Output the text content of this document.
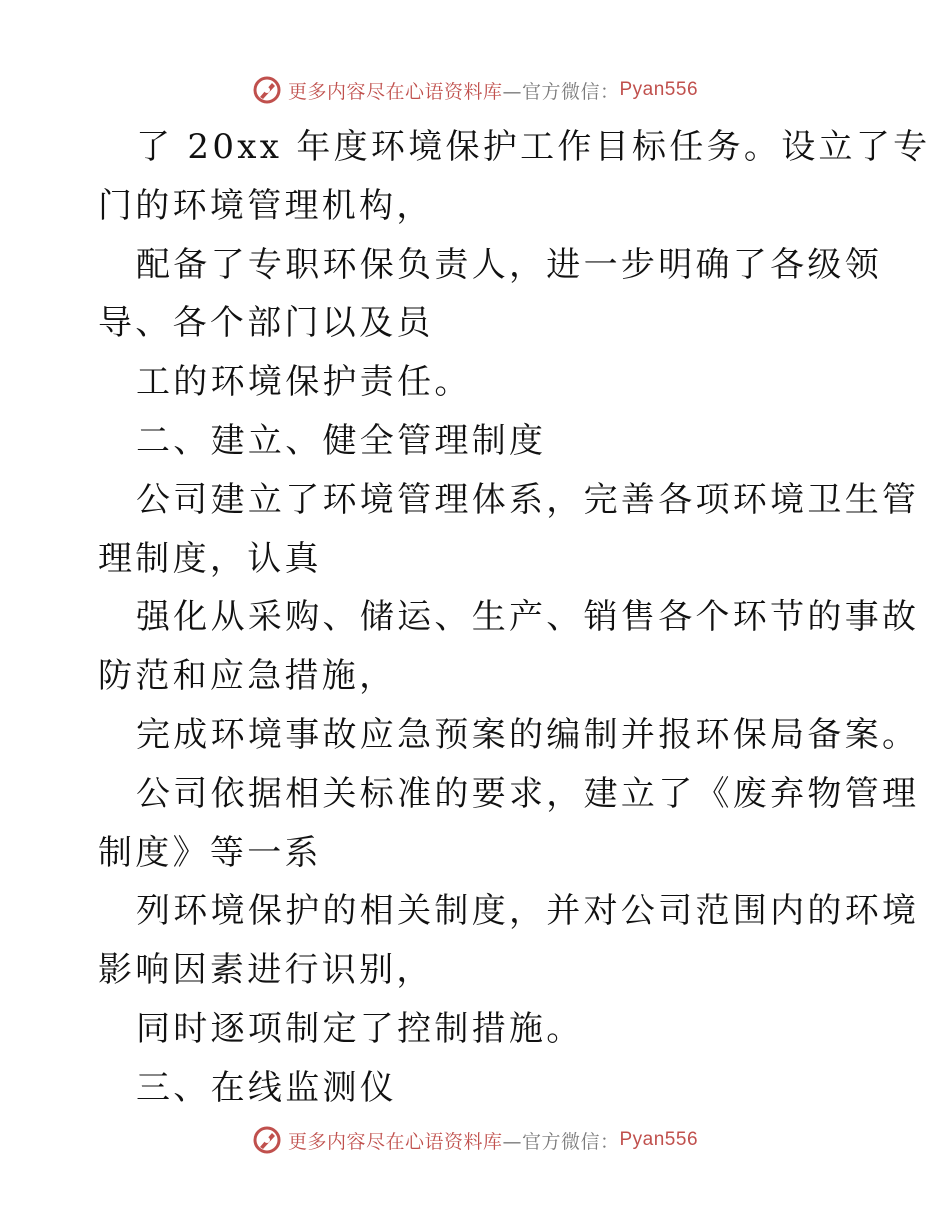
更多内容尽在心语资料库 —官方微信： Pyan556
了 20xx 年度环境保护工作目标任务。设立了专
门的环境管理机构，
配备了专职环保负责人，进一步明确了各级领
导、各个部门以及员
工的环境保护责任。
二、建立、健全管理制度
公司建立了环境管理体系，完善各项环境卫生管
理制度，认真
强化从采购、储运、生产、销售各个环节的事故
防范和应急措施，
完成环境事故应急预案的编制并报环保局备案。
公司依据相关标准的要求，建立了《废弃物管理
制度》等一系
列环境保护的相关制度，并对公司范围内的环境
影响因素进行识别，
同时逐项制定了控制措施。
三、在线监测仪
更多内容尽在心语资料库 —官方微信： Pyan556
